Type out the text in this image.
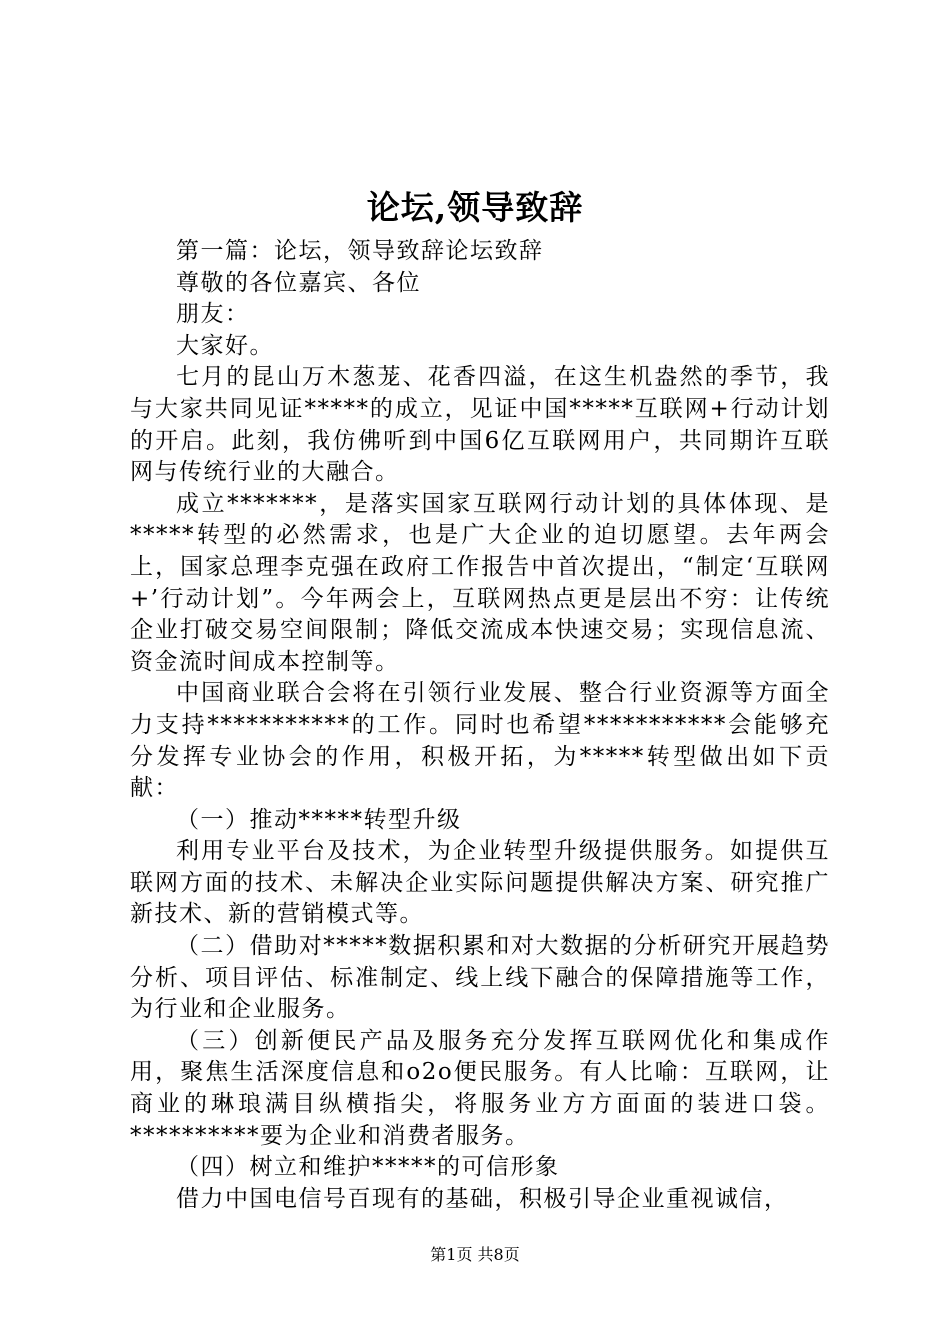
论坛,领导致辞

第一篇：论坛，领导致辞论坛致辞

尊敬的各位嘉宾、各位

朋友：

大家好。

七月的昆山万木葱茏、花香四溢，在这生机盎然的季节，我与大家共同见证*****的成立，见证中国*****互联网+行动计划的开启。此刻，我仿佛听到中国6亿互联网用户，共同期许互联网与传统行业的大融合。

成立*******，是落实国家互联网行动计划的具体体现、是*****转型的必然需求，也是广大企业的迫切愿望。去年两会上，国家总理李克强在政府工作报告中首次提出，“制定‘互联网+’行动计划”。今年两会上，互联网热点更是层出不穷：让传统企业打破交易空间限制；降低交流成本快速交易；实现信息流、资金流时间成本控制等。

中国商业联合会将在引领行业发展、整合行业资源等方面全力支持***********的工作。同时也希望***********会能够充分发挥专业协会的作用，积极开拓，为*****转型做出如下贡献：

（一）推动*****转型升级

利用专业平台及技术，为企业转型升级提供服务。如提供互联网方面的技术、未解决企业实际问题提供解决方案、研究推广新技术、新的营销模式等。

（二）借助对*****数据积累和对大数据的分析研究开展趋势分析、项目评估、标准制定、线上线下融合的保障措施等工作，为行业和企业服务。

（三）创新便民产品及服务充分发挥互联网优化和集成作用，聚焦生活深度信息和o2o便民服务。有人比喻：互联网，让商业的琳琅满目纵横指尖，将服务业方方面面的装进口袋。**********要为企业和消费者服务。

（四）树立和维护*****的可信形象

借力中国电信号百现有的基础，积极引导企业重视诚信，

第1页 共8页
